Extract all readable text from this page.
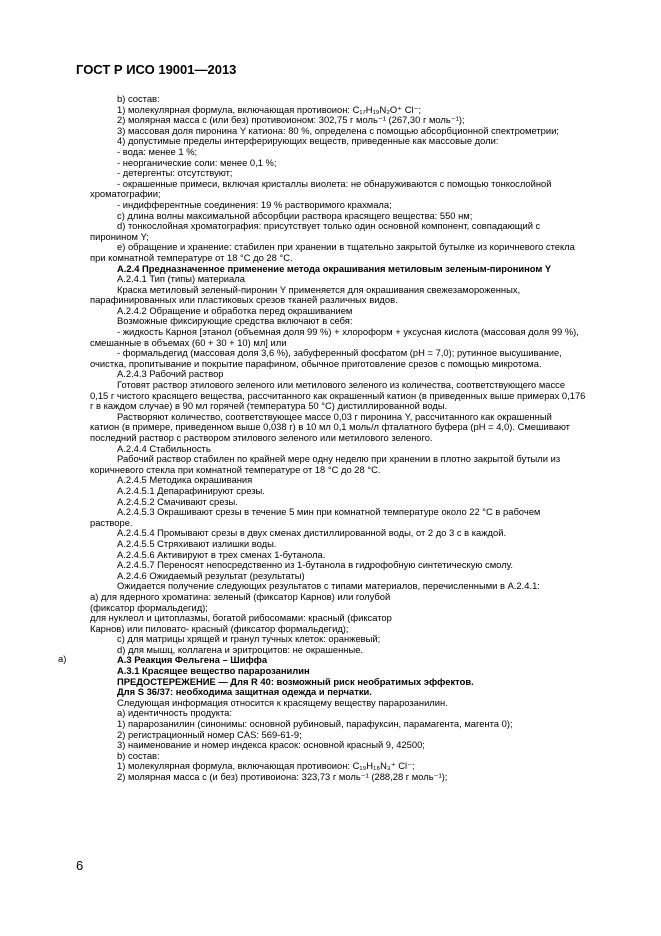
ГОСТ Р ИСО 19001—2013
b) состав:
1) молекулярная формула, включающая противоион: C₁₇H₁₉N₂O⁺ Cl⁻;
2) молярная масса с (или без) противоионом: 302,75 г моль⁻¹ (267,30 г моль⁻¹);
3) массовая доля пиронина Y катиона: 80 %, определена с помощью абсорбционной спектрометрии;
4) допустимые пределы интерферирующих веществ, приведенные как массовые доли:
- вода: менее 1 %;
- неорганические соли: менее 0,1 %;
- детергенты: отсутствуют;
- окрашенные примеси, включая кристаллы виолета: не обнаруживаются с помощью тонкослойной
хроматографии;
- индифферентные соединения: 19 % растворимого крахмала;
с) длина волны максимальной абсорбции раствора красящего вещества: 550 нм;
d) тонкослойная хроматография: присутствует только один основной компонент, совпадающий с
пиронином Y;
е) обращение и хранение: стабилен при хранении в тщательно закрытой бутылке из коричневого стекла
при комнатной температуре от 18 °С до 28 °С.
А.2.4 Предназначенное применение метода окрашивания метиловым зеленым-пиронином Y
А.2.4.1 Тип (типы) материала
Краска метиловый зеленый-пиронин Y применяется для окрашивания свежезамороженных,
парафинированных или пластиковых срезов тканей различных видов.
А.2.4.2 Обращение и обработка перед окрашиванием
Возможные фиксирующие средства включают в себя:
- жидкость Карноя [этанол (объемная доля 99 %) + хлороформ + уксусная кислота (массовая доля 99 %),
смешанные в объемах (60 + 30 + 10) мл] или
- формальдегид (массовая доля 3,6 %), забуференный фосфатом (рН = 7,0); рутинное высушивание,
очистка, пропитывание и покрытие парафином, обычное приготовление срезов с помощью микротома.
А.2.4.3 Рабочий раствор
Готовят раствор этилового зеленого или метилового зеленого из количества, соответствующего массе
0,15 г чистого красящего вещества, рассчитанного как окрашенный катион (в приведенных выше примерах 0,176
г в каждом случае) в 90 мл горячей (температура 50 °С) дистиллированной воды.
Растворяют количество, соответствующее массе 0,03 г пиронина Y, рассчитанного как окрашенный
катион (в примере, приведенном выше 0,038 г) в 10 мл 0,1 моль/л фталатного буфера (рН = 4,0). Смешивают
последний раствор с раствором этилового зеленого или метилового зеленого.
А.2.4.4 Стабильность
Рабочий раствор стабилен по крайней мере одну неделю при хранении в плотно закрытой бутыли из
коричневого стекла при комнатной температуре от 18 °С до 28 °С.
А.2.4.5 Методика окрашивания
А.2.4.5.1 Депарафинируют срезы.
А.2.4.5.2 Смачивают срезы.
А.2.4.5.3 Окрашивают срезы в течение 5 мин при комнатной температуре около 22 °С в рабочем
растворе.
А.2.4.5.4 Промывают срезы в двух сменах дистиллированной воды, от 2 до 3 с в каждой.
А.2.4.5.5 Стряхивают излишки воды.
А.2.4.5.6 Активируют в трех сменах 1-бутанола.
А.2.4.5.7 Переносят непосредственно из 1-бутанола в гидрофобную синтетическую смолу.
А.2.4.6 Ожидаемый результат (результаты)
Ожидается получение следующих результатов с типами материалов, перечисленными в А.2.4.1:
а) для ядерного хроматина: зеленый (фиксатор Карнов) или голубой
(фиксатор формальдегид);
для нуклеол и цитоплазмы, богатой рибосомами: красный (фиксатор
Карнов) или пиловато- красный (фиксатор формальдегид);
с) для матрицы хрящей и гранул тучных клеток: оранжевый;
d) для мышц, коллагена и эритроцитов: не окрашенные.
А.3 Реакция Фельгена – Шиффа
А.3.1 Красящее вещество парарозанилин
ПРЕДОСТЕРЕЖЕНИЕ — Для R 40: возможный риск необратимых эффектов.
Для S 36/37: необходима защитная одежда и перчатки.
Следующая информация относится к красящему веществу парарозанилин.
а) идентичность продукта:
1) парарозанилин (синонимы: основной рубиновый, парафуксин, парамагента, магента 0);
2) регистрационный номер CAS: 569-61-9;
3) наименование и номер индекса красок: основной красный 9, 42500;
b) состав:
1) молекулярная формула, включающая противоион: C₁₉H₁₈N₃⁺ Cl⁻;
2) молярная масса с (и без) противоиона: 323,73 г моль⁻¹ (288,28 г моль⁻¹);
а)
6
